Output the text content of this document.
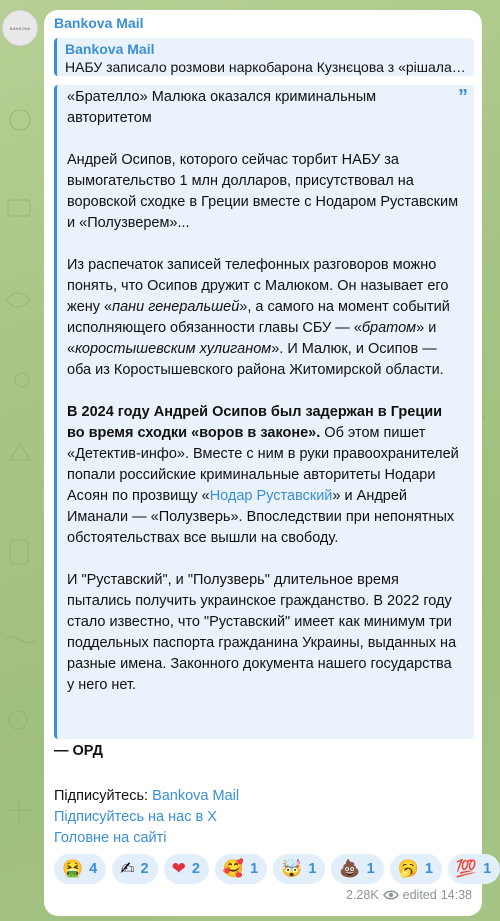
BANKOVA Bankova Mail
Bankova Mail
НАБУ записало розмови наркобарона Кузнєцова з «рішала…
”

«Брателло» Малюка оказался криминальным авторитетом

Андрей Осипов, которого сейчас торбит НАБУ за вымогательство 1 млн долларов, присутствовал на воровской сходке в Греции вместе с Нодаром Руставским и «Полузверем»...

Из распечаток записей телефонных разговоров можно понять, что Осипов дружит с Малюком. Он называет его жену «пани генеральшей», а самого на момент событий исполняющего обязанности главы СБУ — «братом» и «коростышевским хулиганом». И Малюк, и Осипов — оба из Коростышевского района Житомирской области.

В 2024 году Андрей Осипов был задержан в Греции во время сходки «воров в законе». Об этом пишет «Детектив-инфо». Вместе с ним в руки правоохранителей попали российские криминальные авторитеты Нодари Асоян по прозвищу «Нодар Руставский» и Андрей Иманали — «Полузверь». Впоследствии при непонятных обстоятельствах все вышли на свободу.

И "Руставский", и "Полузверь" длительное время пытались получить украинское гражданство. В 2022 году стало известно, что "Руставский" имеет как минимум три поддельных паспорта гражданина Украины, выданных на разные имена. Законного документа нашего государства у него нет.

— ОРД
Підписуйтесь: Bankova Mail
Підписуйтесь на нас в X
Головне на сайті
🤮 4 ✍ 2 ❤ 2 🥰 1 🤯 1 💩 1 🥱 1 💯 1
2.28K edited 14:38
